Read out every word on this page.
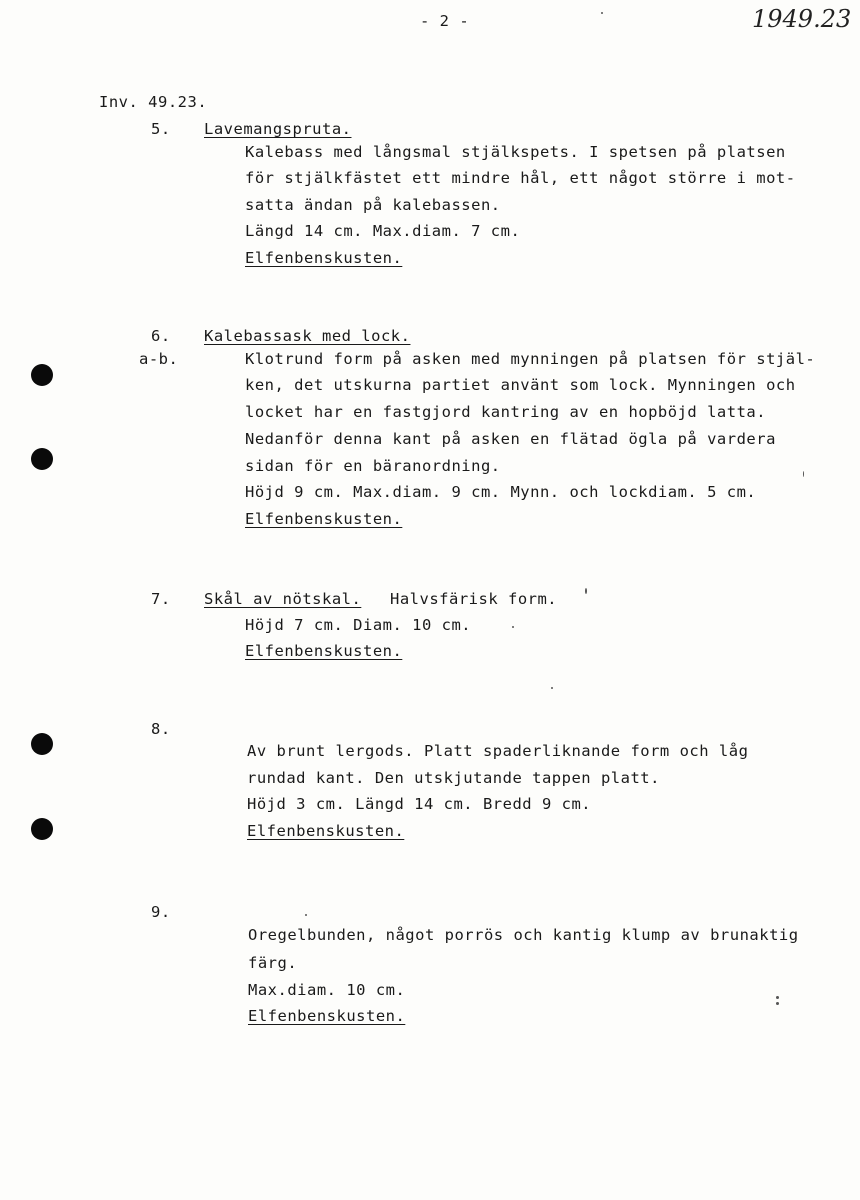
- 2 -	1949.23
Inv. 49.23.
5. Lavemangspruta.
Kalebass med långsmal stjälkspets. I spetsen på platsen
för stjälkfästet ett mindre hål, ett något större i mot-
satta ändan på kalebassen.
Längd 14 cm. Max.diam. 7 cm.
Elfenbenskusten.
6.
a-b.
Kalebassask med lock.
Klotrund form på asken med mynningen på platsen för stjäl-
ken, det utskurna partiet använt som lock. Mynningen och
locket har en fastgjord kantring av en hopböjd latta.
Nedanför denna kant på asken en flätad ögla på vardera
sidan för en bäranordning.
Höjd 9 cm. Max.diam. 9 cm. Mynn. och lockdiam. 5 cm.
Elfenbenskusten.
7. Skål av nötskal. Halvsfärisk form.
Höjd 7 cm. Diam. 10 cm.
Elfenbenskusten.
8.
Av brunt lergods. Platt spaderliknande form och låg
rundad kant. Den utskjutande tappen platt.
Höjd 3 cm. Längd 14 cm. Bredd 9 cm.
Elfenbenskusten.
9.
Oregelbunden, något porrös och kantig klump av brunaktig
färg.
Max.diam. 10 cm.
Elfenbenskusten.
